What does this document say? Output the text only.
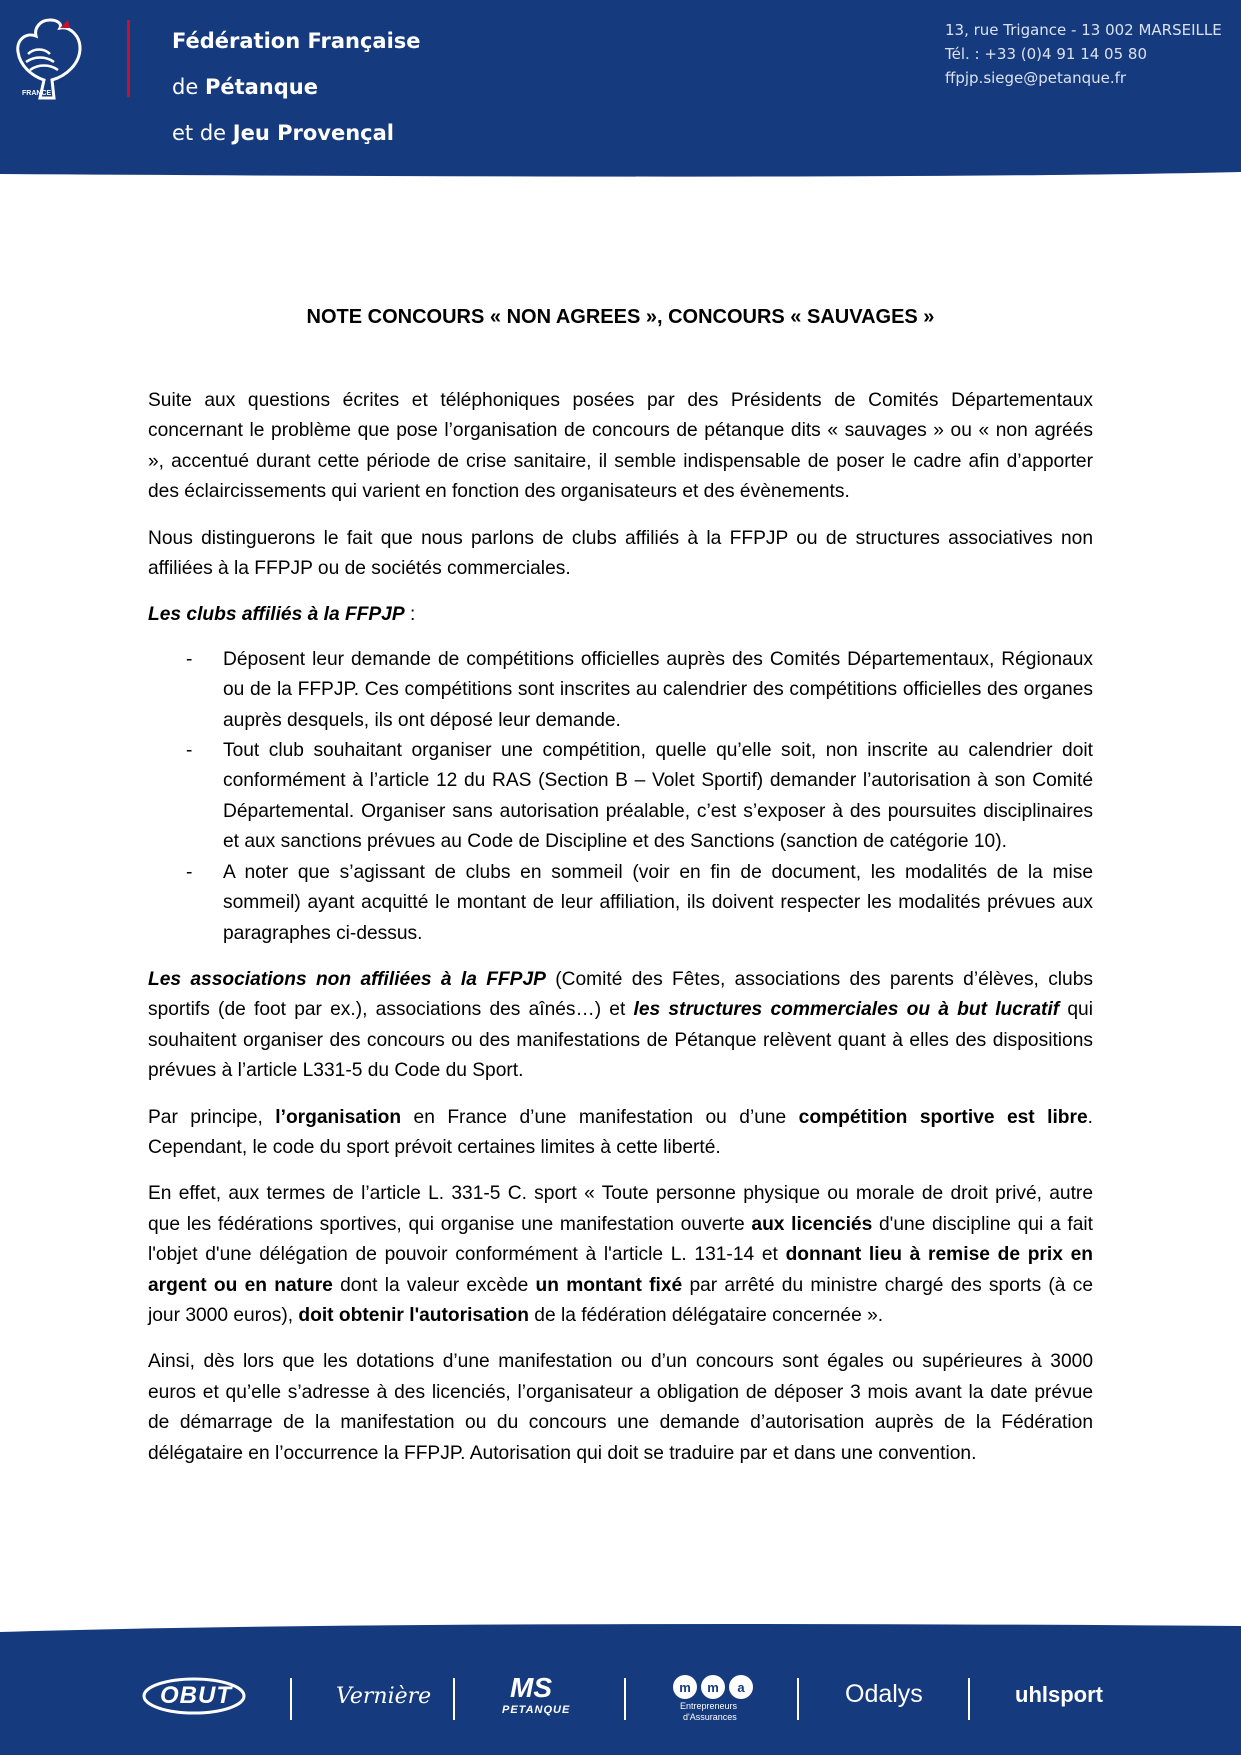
FRANCE
Fédération Française
de Pétanque
et de Jeu Provençal
13, rue Trigance - 13 002 MARSEILLE
Tél. : +33 (0)4 91 14 05 80
ffpjp.siege@petanque.fr
NOTE CONCOURS « NON AGREES », CONCOURS « SAUVAGES »

Suite aux questions écrites et téléphoniques posées par des Présidents de Comités Départementaux concernant le problème que pose l’organisation de concours de pétanque dits « sauvages » ou « non agréés », accentué durant cette période de crise sanitaire, il semble indispensable de poser le cadre afin d’apporter des éclaircissements qui varient en fonction des organisateurs et des évènements.

Nous distinguerons le fait que nous parlons de clubs affiliés à la FFPJP ou de structures associatives non affiliées à la FFPJP ou de sociétés commerciales.

Les clubs affiliés à la FFPJP :

- Déposent leur demande de compétitions officielles auprès des Comités Départementaux, Régionaux ou de la FFPJP. Ces compétitions sont inscrites au calendrier des compétitions officielles des organes auprès desquels, ils ont déposé leur demande.
- Tout club souhaitant organiser une compétition, quelle qu’elle soit, non inscrite au calendrier doit conformément à l’article 12 du RAS (Section B – Volet Sportif) demander l’autorisation à son Comité Départemental. Organiser sans autorisation préalable, c’est s’exposer à des poursuites disciplinaires et aux sanctions prévues au Code de Discipline et des Sanctions (sanction de catégorie 10).
- A noter que s’agissant de clubs en sommeil (voir en fin de document, les modalités de la mise sommeil) ayant acquitté le montant de leur affiliation, ils doivent respecter les modalités prévues aux paragraphes ci-dessus.

Les associations non affiliées à la FFPJP (Comité des Fêtes, associations des parents d’élèves, clubs sportifs (de foot par ex.), associations des aînés…) et les structures commerciales ou à but lucratif qui souhaitent organiser des concours ou des manifestations de Pétanque relèvent quant à elles des dispositions prévues à l’article L331-5 du Code du Sport.

Par principe, l’organisation en France d’une manifestation ou d’une compétition sportive est libre. Cependant, le code du sport prévoit certaines limites à cette liberté.

En effet, aux termes de l’article L. 331-5 C. sport « Toute personne physique ou morale de droit privé, autre que les fédérations sportives, qui organise une manifestation ouverte aux licenciés d'une discipline qui a fait l'objet d'une délégation de pouvoir conformément à l'article L. 131-14 et donnant lieu à remise de prix en argent ou en nature dont la valeur excède un montant fixé par arrêté du ministre chargé des sports (à ce jour 3000 euros), doit obtenir l'autorisation de la fédération délégataire concernée ».

Ainsi, dès lors que les dotations d’une manifestation ou d’un concours sont égales ou supérieures à 3000 euros et qu’elle s’adresse à des licenciés, l’organisateur a obligation de déposer 3 mois avant la date prévue de démarrage de la manifestation ou du concours une demande d’autorisation auprès de la Fédération délégataire en l’occurrence la FFPJP. Autorisation qui doit se traduire par et dans une convention.

OBUT	Vernière	MS
PETANQUE
m m a
Entrepreneurs
d'Assurances
Odalys	uhlsport
